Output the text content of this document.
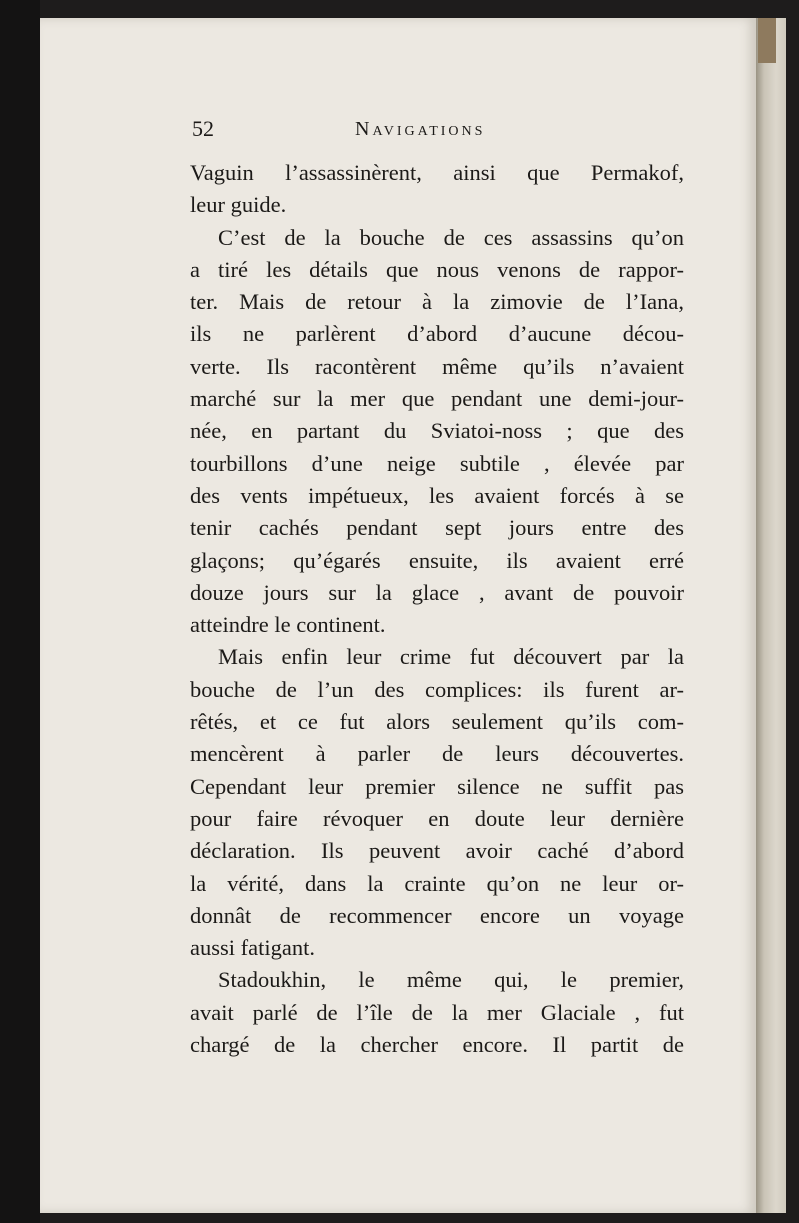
52	Navigations
Vaguin l’assassinèrent, ainsi que Permakof,
leur guide.
C’est de la bouche de ces assassins qu’on
a tiré les détails que nous venons de rappor-
ter. Mais de retour à la zimovie de l’Iana,
ils ne parlèrent d’abord d’aucune décou-
verte. Ils racontèrent même qu’ils n’avaient
marché sur la mer que pendant une demi-jour-
née, en partant du Sviatoi-noss ; que des
tourbillons d’une neige subtile , élevée par
des vents impétueux, les avaient forcés à se
tenir cachés pendant sept jours entre des
glaçons; qu’égarés ensuite, ils avaient erré
douze jours sur la glace , avant de pouvoir
atteindre le continent.
Mais enfin leur crime fut découvert par la
bouche de l’un des complices: ils furent ar-
rêtés, et ce fut alors seulement qu’ils com-
mencèrent à parler de leurs découvertes.
Cependant leur premier silence ne suffit pas
pour faire révoquer en doute leur dernière
déclaration. Ils peuvent avoir caché d’abord
la vérité, dans la crainte qu’on ne leur or-
donnât de recommencer encore un voyage
aussi fatigant.
Stadoukhin, le même qui, le premier,
avait parlé de l’île de la mer Glaciale , fut
chargé de la chercher encore. Il partit de
